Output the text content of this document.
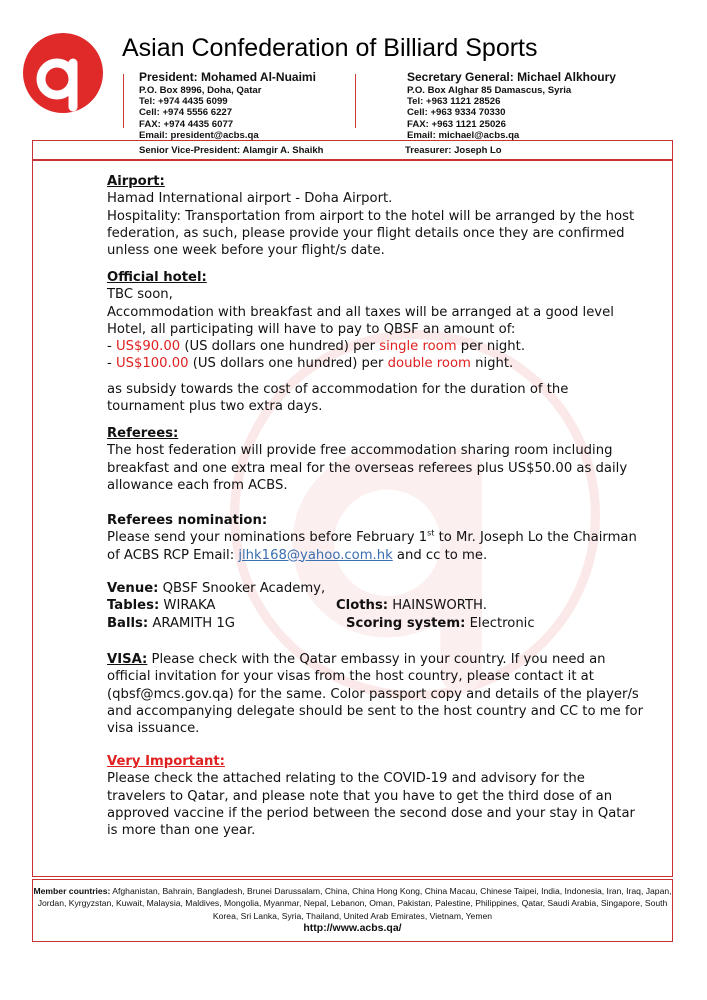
Asian Confederation of Billiard Sports
President: Mohamed Al-Nuaimi
P.O. Box 8996, Doha, Qatar
Tel: +974 4435 6099
Cell: +974 5556 6227
FAX: +974 4435 6077
Email: president@acbs.qa
Secretary General: Michael Alkhoury
P.O. Box Alghar 85 Damascus, Syria
Tel: +963 1121 28526
Cell: +963 9334 70330
FAX: +963 1121 25026
Email: michael@acbs.qa
Senior Vice-President: Alamgir A. Shaikh	Treasurer: Joseph Lo
Airport:
Hamad International airport - Doha Airport.
Hospitality: Transportation from airport to the hotel will be arranged by the host federation, as such, please provide your flight details once they are confirmed unless one week before your flight/s date.
Official hotel:
TBC soon,
Accommodation with breakfast and all taxes will be arranged at a good level Hotel, all participating will have to pay to QBSF an amount of:
- US$90.00 (US dollars one hundred) per single room per night.
- US$100.00 (US dollars one hundred) per double room night.
as subsidy towards the cost of accommodation for the duration of the tournament plus two extra days.
Referees:
The host federation will provide free accommodation sharing room including breakfast and one extra meal for the overseas referees plus US$50.00 as daily allowance each from ACBS.
Referees nomination:
Please send your nominations before February 1st to Mr. Joseph Lo the Chairman of ACBS RCP Email: jlhk168@yahoo.com.hk and cc to me.
Venue: QBSF Snooker Academy,
Tables: WIRAKA	Cloths: HAINSWORTH.
Balls: ARAMITH 1G	Scoring system: Electronic
VISA: Please check with the Qatar embassy in your country. If you need an official invitation for your visas from the host country, please contact it at (qbsf@mcs.gov.qa) for the same. Color passport copy and details of the player/s and accompanying delegate should be sent to the host country and CC to me for visa issuance.
Very Important:
Please check the attached relating to the COVID-19 and advisory for the travelers to Qatar, and please note that you have to get the third dose of an approved vaccine if the period between the second dose and your stay in Qatar is more than one year.
Member countries: Afghanistan, Bahrain, Bangladesh, Brunei Darussalam, China, China Hong Kong, China Macau, Chinese Taipei, India, Indonesia, Iran, Iraq, Japan, Jordan, Kyrgyzstan, Kuwait, Malaysia, Maldives, Mongolia, Myanmar, Nepal, Lebanon, Oman, Pakistan, Palestine, Philippines, Qatar, Saudi Arabia, Singapore, South Korea, Sri Lanka, Syria, Thailand, United Arab Emirates, Vietnam, Yemen
http://www.acbs.qa/
